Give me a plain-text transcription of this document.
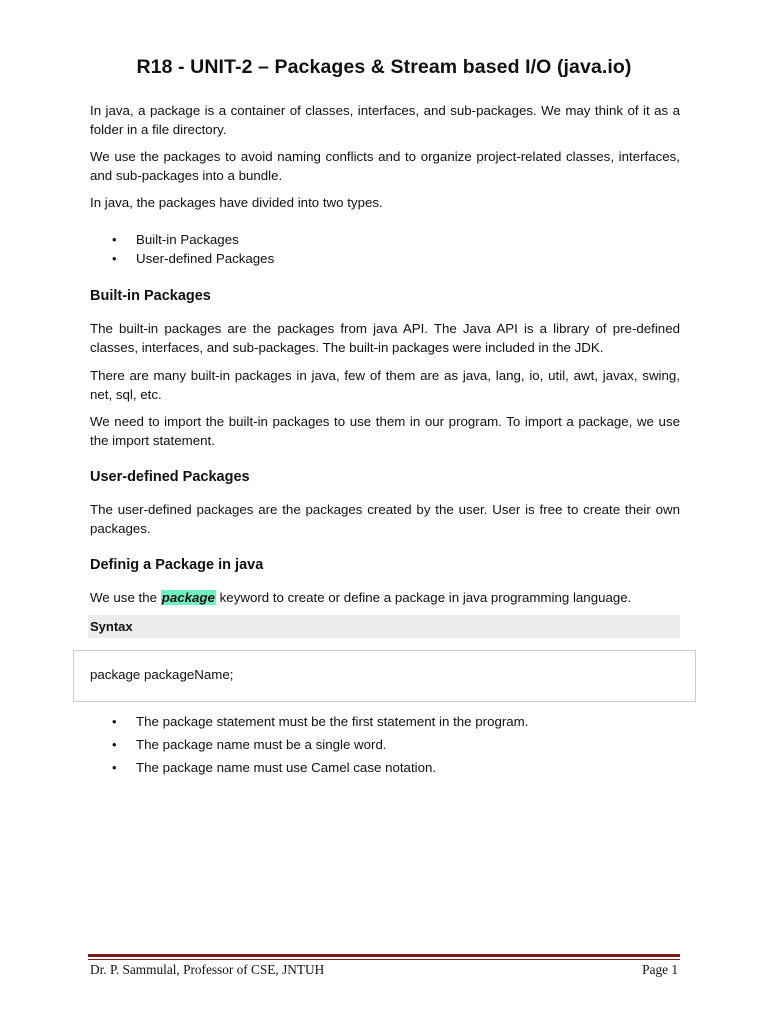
R18 - UNIT-2 – Packages & Stream based I/O (java.io)
In java, a package is a container of classes, interfaces, and sub-packages. We may think of it as a folder in a file directory.
We use the packages to avoid naming conflicts and to organize project-related classes, interfaces, and sub-packages into a bundle.
In java, the packages have divided into two types.
• Built-in Packages
• User-defined Packages
Built-in Packages
The built-in packages are the packages from java API. The Java API is a library of pre-defined classes, interfaces, and sub-packages. The built-in packages were included in the JDK.
There are many built-in packages in java, few of them are as java, lang, io, util, awt, javax, swing, net, sql, etc.
We need to import the built-in packages to use them in our program. To import a package, we use the import statement.
User-defined Packages
The user-defined packages are the packages created by the user. User is free to create their own packages.
Definig a Package in java
We use the package keyword to create or define a package in java programming language.
Syntax
package packageName;
• The package statement must be the first statement in the program.
• The package name must be a single word.
• The package name must use Camel case notation.
Dr. P. Sammulal, Professor of CSE, JNTUH	Page 1
